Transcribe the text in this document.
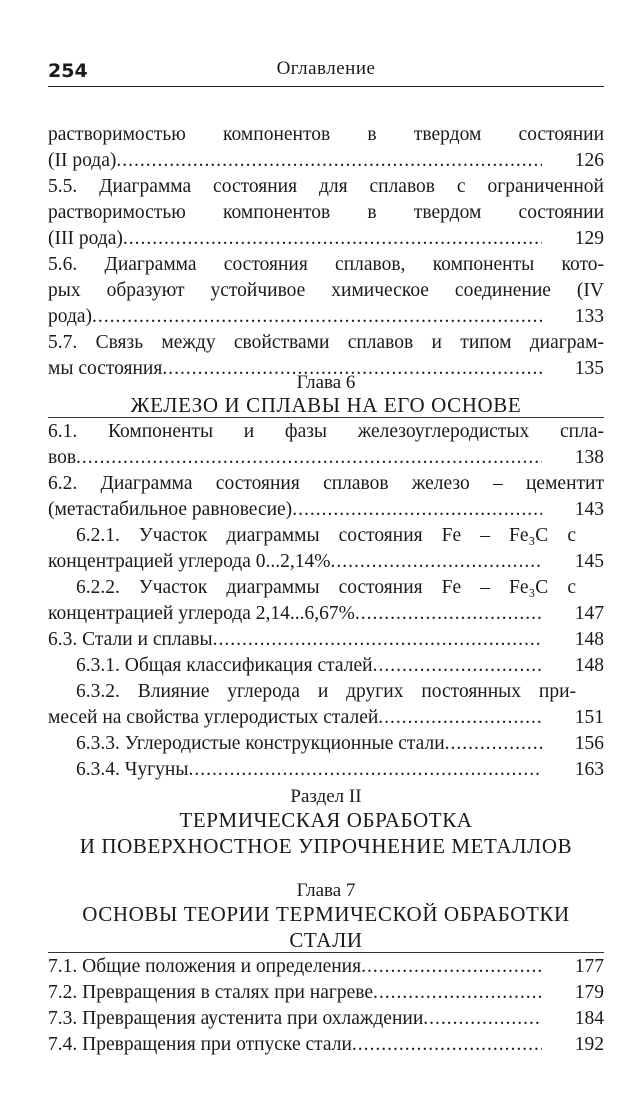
254	Оглавление
растворимостью компонентов в твердом состоянии
(II рода) .....	126
5.5. Диаграмма состояния для сплавов с ограниченной
растворимостью компонентов в твердом состоянии
(III рода) .....	129
5.6. Диаграмма состояния сплавов, компоненты кото-
рых образуют устойчивое химическое соединение (IV
рода) .....	133
5.7. Связь между свойствами сплавов и типом диаграм-
мы состояния .....	135
Глава 6
ЖЕЛЕЗО И СПЛАВЫ НА ЕГО ОСНОВЕ
6.1. Компоненты и фазы железоуглеродистых спла-
вов .....	138
6.2. Диаграмма состояния сплавов железо – цементит
(метастабильное равновесие) .....	143
6.2.1. Участок диаграммы состояния Fe – Fe₃C с
концентрацией углерода 0...2,14% .....	145
6.2.2. Участок диаграммы состояния Fe – Fe₃C с
концентрацией углерода 2,14...6,67% .....	147
6.3. Стали и сплавы .....	148
6.3.1. Общая классификация сталей .....	148
6.3.2. Влияние углерода и других постоянных при-
месей на свойства углеродистых сталей .....	151
6.3.3. Углеродистые конструкционные стали .....	156
6.3.4. Чугуны .....	163
Раздел II
ТЕРМИЧЕСКАЯ ОБРАБОТКА
И ПОВЕРХНОСТНОЕ УПРОЧНЕНИЕ МЕТАЛЛОВ
Глава 7
ОСНОВЫ ТЕОРИИ ТЕРМИЧЕСКОЙ ОБРАБОТКИ
СТАЛИ
7.1. Общие положения и определения .....	177
7.2. Превращения в сталях при нагреве .....	179
7.3. Превращения аустенита при охлаждении .....	184
7.4. Превращения при отпуске стали .....	192
